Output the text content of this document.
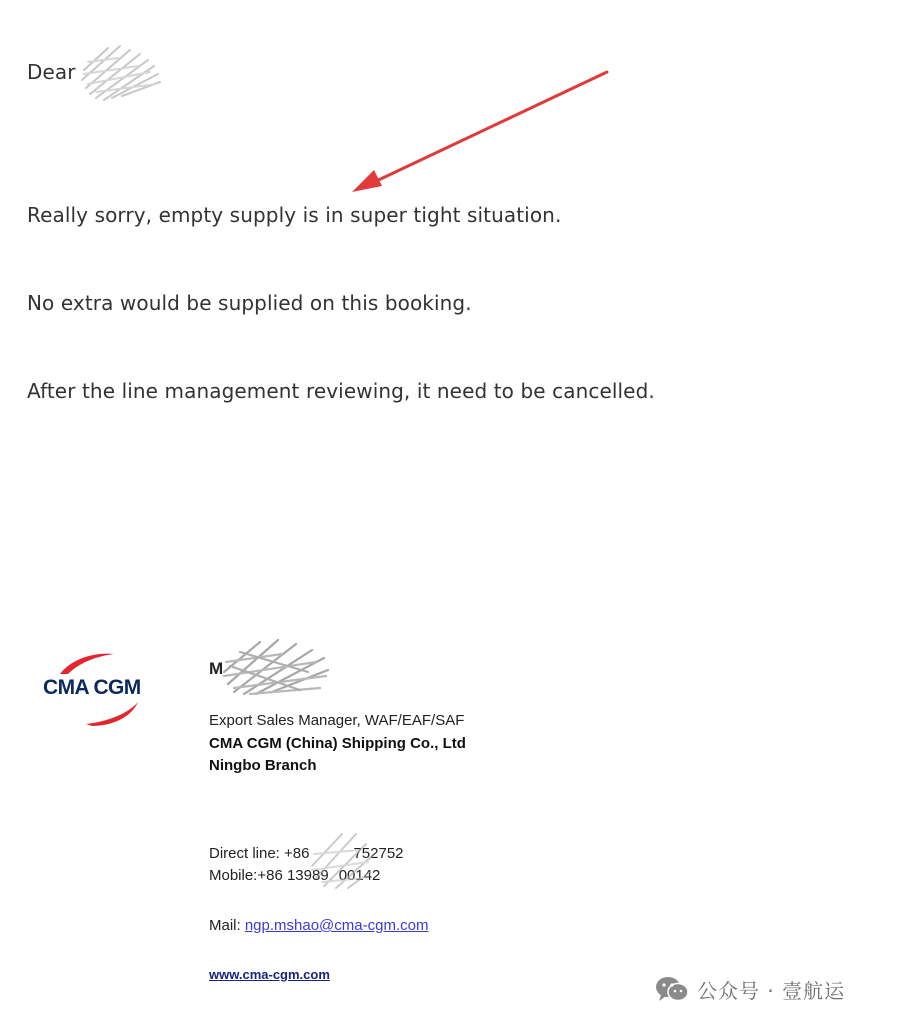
Dear
Really sorry, empty supply is in super tight situation.
No extra would be supplied on this booking.
After the line management reviewing, it need to be cancelled.
CMA CGM
M
Export Sales Manager, WAF/EAF/SAF
CMA CGM (China) Shipping Co., Ltd
Ningbo Branch
Direct line: +86	752752
Mobile:+86 13989 00142
Mail: ngp.mshao@cma-cgm.com
www.cma-cgm.com
公众号 · 壹航运
